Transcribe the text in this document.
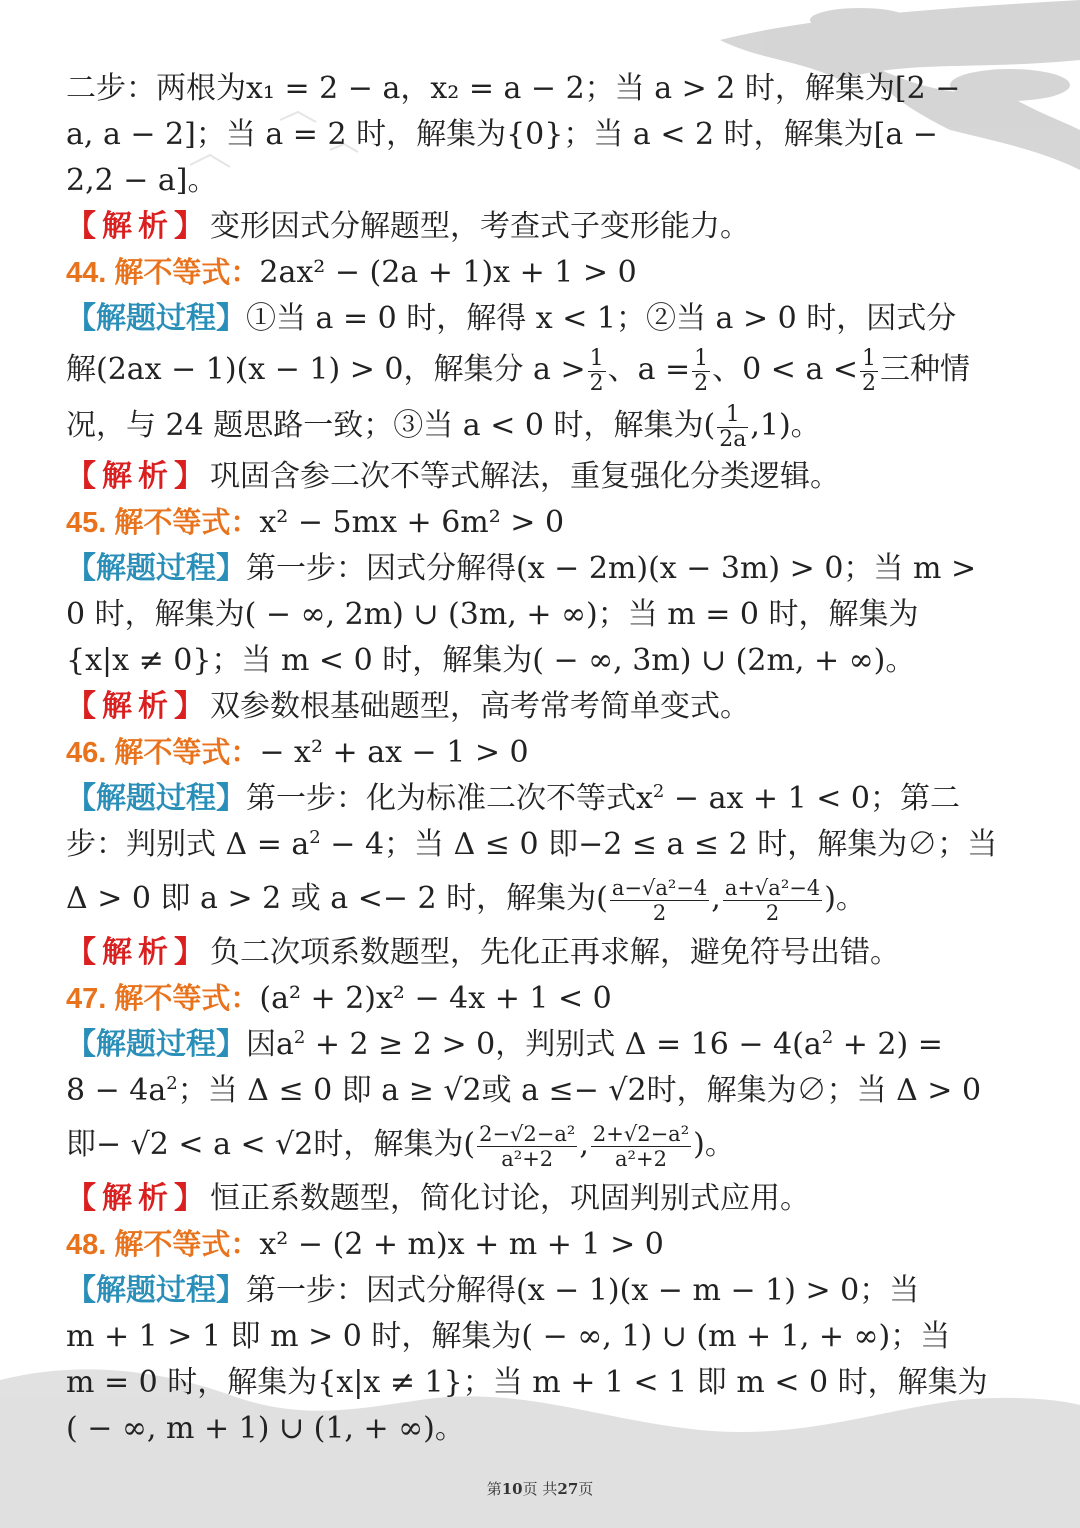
二步：两根为x₁ = 2 − a，x₂ = a − 2；当 a > 2 时，解集为[2 −
a, a − 2]；当 a = 2 时，解集为{0}；当 a < 2 时，解集为[a −
2,2 − a]。
【解析】变形因式分解题型，考查式子变形能力。
44. 解不等式：2ax² − (2a + 1)x + 1 > 0
【解题过程】①当 a = 0 时，解得 x < 1；②当 a > 0 时，因式分
解(2ax − 1)(x − 1) > 0，解集分 $a > \frac{1}{2}$ 、$a = \frac{1}{2}$ 、$0 < a < \frac{1}{2}$ 三种情
况，与 24 题思路一致；③当 a < 0 时，解集为( $\frac{1}{2a} ,1$)。
【解析】巩固含参二次不等式解法，重复强化分类逻辑。
45. 解不等式：x² − 5mx + 6m² > 0
【解题过程】第一步：因式分解得(x − 2m)(x − 3m) > 0；当 m >
0 时，解集为( − ∞, 2m) ∪ (3m, + ∞)；当 m = 0 时，解集为
{x|x ≠ 0}；当 m < 0 时，解集为( − ∞, 3m) ∪ (2m, + ∞)。
【解析】双参数根基础题型，高考常考简单变式。
46. 解不等式：− x² + ax − 1 > 0
【解题过程】第一步：化为标准二次不等式$x^2$ − ax + 1 < 0；第二
步：判别式 $\Delta = a^2 - 4$；当 Δ ≤ 0 即−2 ≤ a ≤ 2 时，解集为∅；当
Δ > 0 即 a > 2 或 a <− 2 时，解集为( $\frac{\text{a−√a²−4}}{2}$ , $\frac{\text{a+√a²−4}}{2}$ )。
【解析】负二次项系数题型，先化正再求解，避免符号出错。
47. 解不等式：(a² + 2)x² − 4x + 1 < 0
【解题过程】因$a^2 + 2 \ge 2 > 0$，判别式 $\Delta = 16 - 4(a^2 + 2)$ =
$8 - 4a^2$；当 Δ ≤ 0 即 a ≥ √2或 a ≤− √2时，解集为∅；当 Δ > 0
即− √2 < a < √2时，解集为( $\frac{\text{2−√2−a²}}{\text{a²+2}}$ , $\frac{\text{2+√2−a²}}{\text{a²+2}}$ )。
【解析】恒正系数题型，简化讨论，巩固判别式应用。
48. 解不等式：x² − (2 + m)x + m + 1 > 0
【解题过程】第一步：因式分解得(x − 1)(x − m − 1) > 0；当
m + 1 > 1 即 m > 0 时，解集为( − ∞, 1) ∪ (m + 1, + ∞)；当
m = 0 时，解集为{x|x ≠ 1}；当 m + 1 < 1 即 m < 0 时，解集为
( − ∞, m + 1) ∪ (1, + ∞)。
第10页 共27页
